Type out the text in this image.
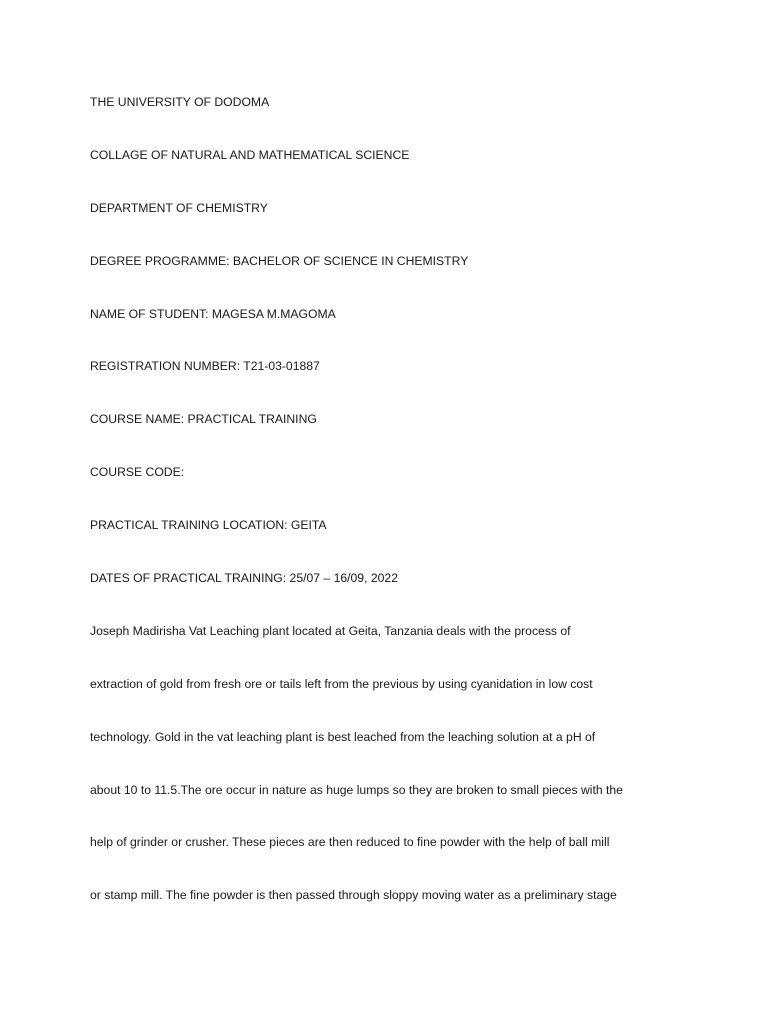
THE UNIVERSITY OF DODOMA
COLLAGE OF NATURAL AND MATHEMATICAL SCIENCE
DEPARTMENT OF CHEMISTRY
DEGREE PROGRAMME: BACHELOR OF SCIENCE IN CHEMISTRY
NAME OF STUDENT: MAGESA M.MAGOMA
REGISTRATION NUMBER: T21-03-01887
COURSE NAME: PRACTICAL TRAINING
COURSE CODE:
PRACTICAL TRAINING LOCATION: GEITA
DATES OF PRACTICAL TRAINING: 25/07 – 16/09, 2022
Joseph Madirisha Vat Leaching plant located at Geita, Tanzania deals with the process of
extraction of gold from fresh ore or tails left from the previous by using cyanidation in low cost
technology. Gold in the vat leaching plant is best leached from the leaching solution at a pH of
about 10 to 11.5.The ore occur in nature as huge lumps so they are broken to small pieces with the
help of grinder or crusher. These pieces are then reduced to fine powder with the help of ball mill
or stamp mill. The fine powder is then passed through sloppy moving water as a preliminary stage
